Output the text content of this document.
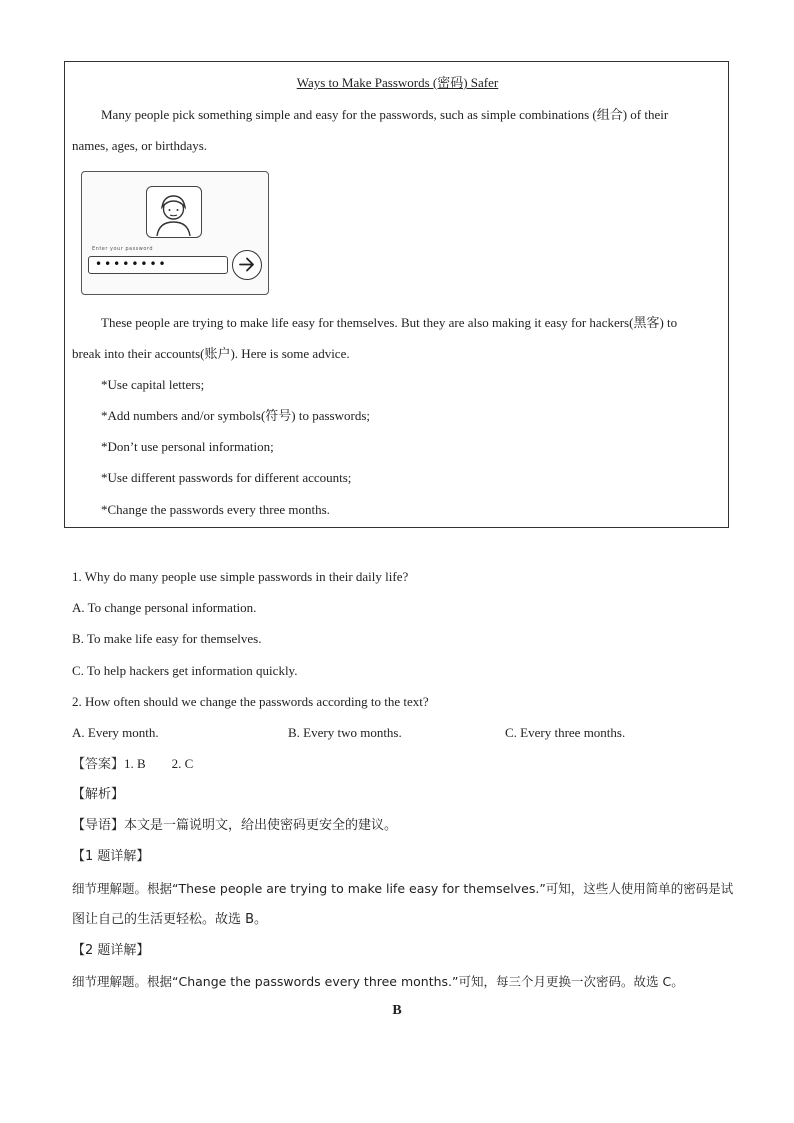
Ways to Make Passwords (密码) Safer
Many people pick something simple and easy for the passwords, such as simple combinations (组合) of their
names, ages, or birthdays.
Enter your password
••••••••
These people are trying to make life easy for themselves. But they are also making it easy for hackers(黑客) to
break into their accounts(账户). Here is some advice.
*Use capital letters;
*Add numbers and/or symbols(符号) to passwords;
*Don’t use personal information;
*Use different passwords for different accounts;
*Change the passwords every three months.
1. Why do many people use simple passwords in their daily life?
A. To change personal information.
B. To make life easy for themselves.
C. To help hackers get information quickly.
2. How often should we change the passwords according to the text?
A. Every month.	B. Every two months.	C. Every three months.
【答案】1. B        2. C
【解析】
【导语】本文是一篇说明文，给出使密码更安全的建议。
【1 题详解】
细节理解题。根据“These people are trying to make life easy for themselves.”可知，这些人使用简单的密码是试
图让自己的生活更轻松。故选 B。
【2 题详解】
细节理解题。根据“Change the passwords every three months.”可知，每三个月更换一次密码。故选 C。
B
